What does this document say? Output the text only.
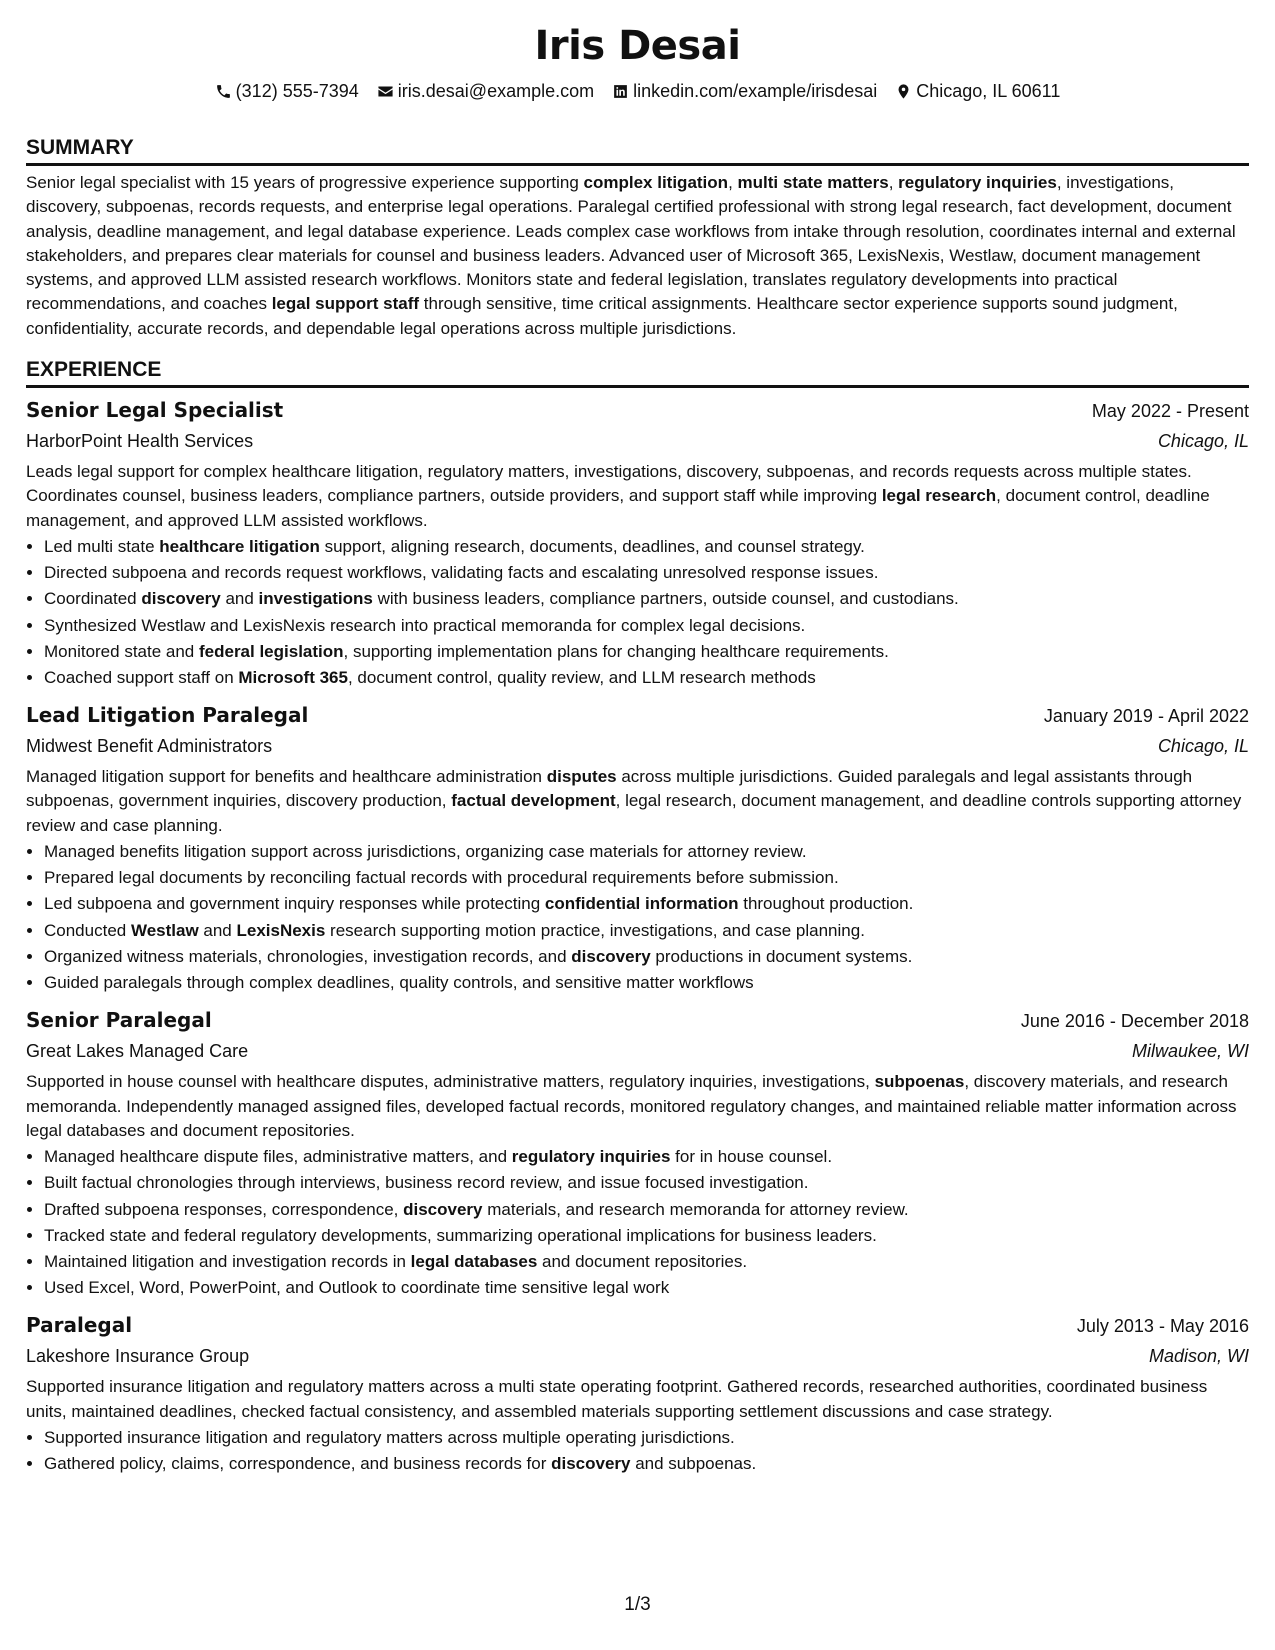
Iris Desai
(312) 555-7394 iris.desai@example.com linkedin.com/example/irisdesai Chicago, IL 60611
SUMMARY

Senior legal specialist with 15 years of progressive experience supporting complex litigation, multi state matters, regulatory inquiries, investigations, discovery, subpoenas, records requests, and enterprise legal operations. Paralegal certified professional with strong legal research, fact development, document analysis, deadline management, and legal database experience. Leads complex case workflows from intake through resolution, coordinates internal and external stakeholders, and prepares clear materials for counsel and business leaders. Advanced user of Microsoft 365, LexisNexis, Westlaw, document management systems, and approved LLM assisted research workflows. Monitors state and federal legislation, translates regulatory developments into practical recommendations, and coaches legal support staff through sensitive, time critical assignments. Healthcare sector experience supports sound judgment, confidentiality, accurate records, and dependable legal operations across multiple jurisdictions.

EXPERIENCE
Senior Legal Specialist	May 2022 - Present
HarborPoint Health Services	Chicago, IL

Leads legal support for complex healthcare litigation, regulatory matters, investigations, discovery, subpoenas, and records requests across multiple states. Coordinates counsel, business leaders, compliance partners, outside providers, and support staff while improving legal research, document control, deadline management, and approved LLM assisted workflows.

• Led multi state healthcare litigation support, aligning research, documents, deadlines, and counsel strategy.
• Directed subpoena and records request workflows, validating facts and escalating unresolved response issues.
• Coordinated discovery and investigations with business leaders, compliance partners, outside counsel, and custodians.
• Synthesized Westlaw and LexisNexis research into practical memoranda for complex legal decisions.
• Monitored state and federal legislation, supporting implementation plans for changing healthcare requirements.
• Coached support staff on Microsoft 365, document control, quality review, and LLM research methods
Lead Litigation Paralegal	January 2019 - April 2022
Midwest Benefit Administrators	Chicago, IL

Managed litigation support for benefits and healthcare administration disputes across multiple jurisdictions. Guided paralegals and legal assistants through subpoenas, government inquiries, discovery production, factual development, legal research, document management, and deadline controls supporting attorney review and case planning.

• Managed benefits litigation support across jurisdictions, organizing case materials for attorney review.
• Prepared legal documents by reconciling factual records with procedural requirements before submission.
• Led subpoena and government inquiry responses while protecting confidential information throughout production.
• Conducted Westlaw and LexisNexis research supporting motion practice, investigations, and case planning.
• Organized witness materials, chronologies, investigation records, and discovery productions in document systems.
• Guided paralegals through complex deadlines, quality controls, and sensitive matter workflows
Senior Paralegal	June 2016 - December 2018
Great Lakes Managed Care	Milwaukee, WI

Supported in house counsel with healthcare disputes, administrative matters, regulatory inquiries, investigations, subpoenas, discovery materials, and research memoranda. Independently managed assigned files, developed factual records, monitored regulatory changes, and maintained reliable matter information across legal databases and document repositories.

• Managed healthcare dispute files, administrative matters, and regulatory inquiries for in house counsel.
• Built factual chronologies through interviews, business record review, and issue focused investigation.
• Drafted subpoena responses, correspondence, discovery materials, and research memoranda for attorney review.
• Tracked state and federal regulatory developments, summarizing operational implications for business leaders.
• Maintained litigation and investigation records in legal databases and document repositories.
• Used Excel, Word, PowerPoint, and Outlook to coordinate time sensitive legal work
Paralegal	July 2013 - May 2016
Lakeshore Insurance Group	Madison, WI

Supported insurance litigation and regulatory matters across a multi state operating footprint. Gathered records, researched authorities, coordinated business units, maintained deadlines, checked factual consistency, and assembled materials supporting settlement discussions and case strategy.

• Supported insurance litigation and regulatory matters across multiple operating jurisdictions.
• Gathered policy, claims, correspondence, and business records for discovery and subpoenas.
1/3
